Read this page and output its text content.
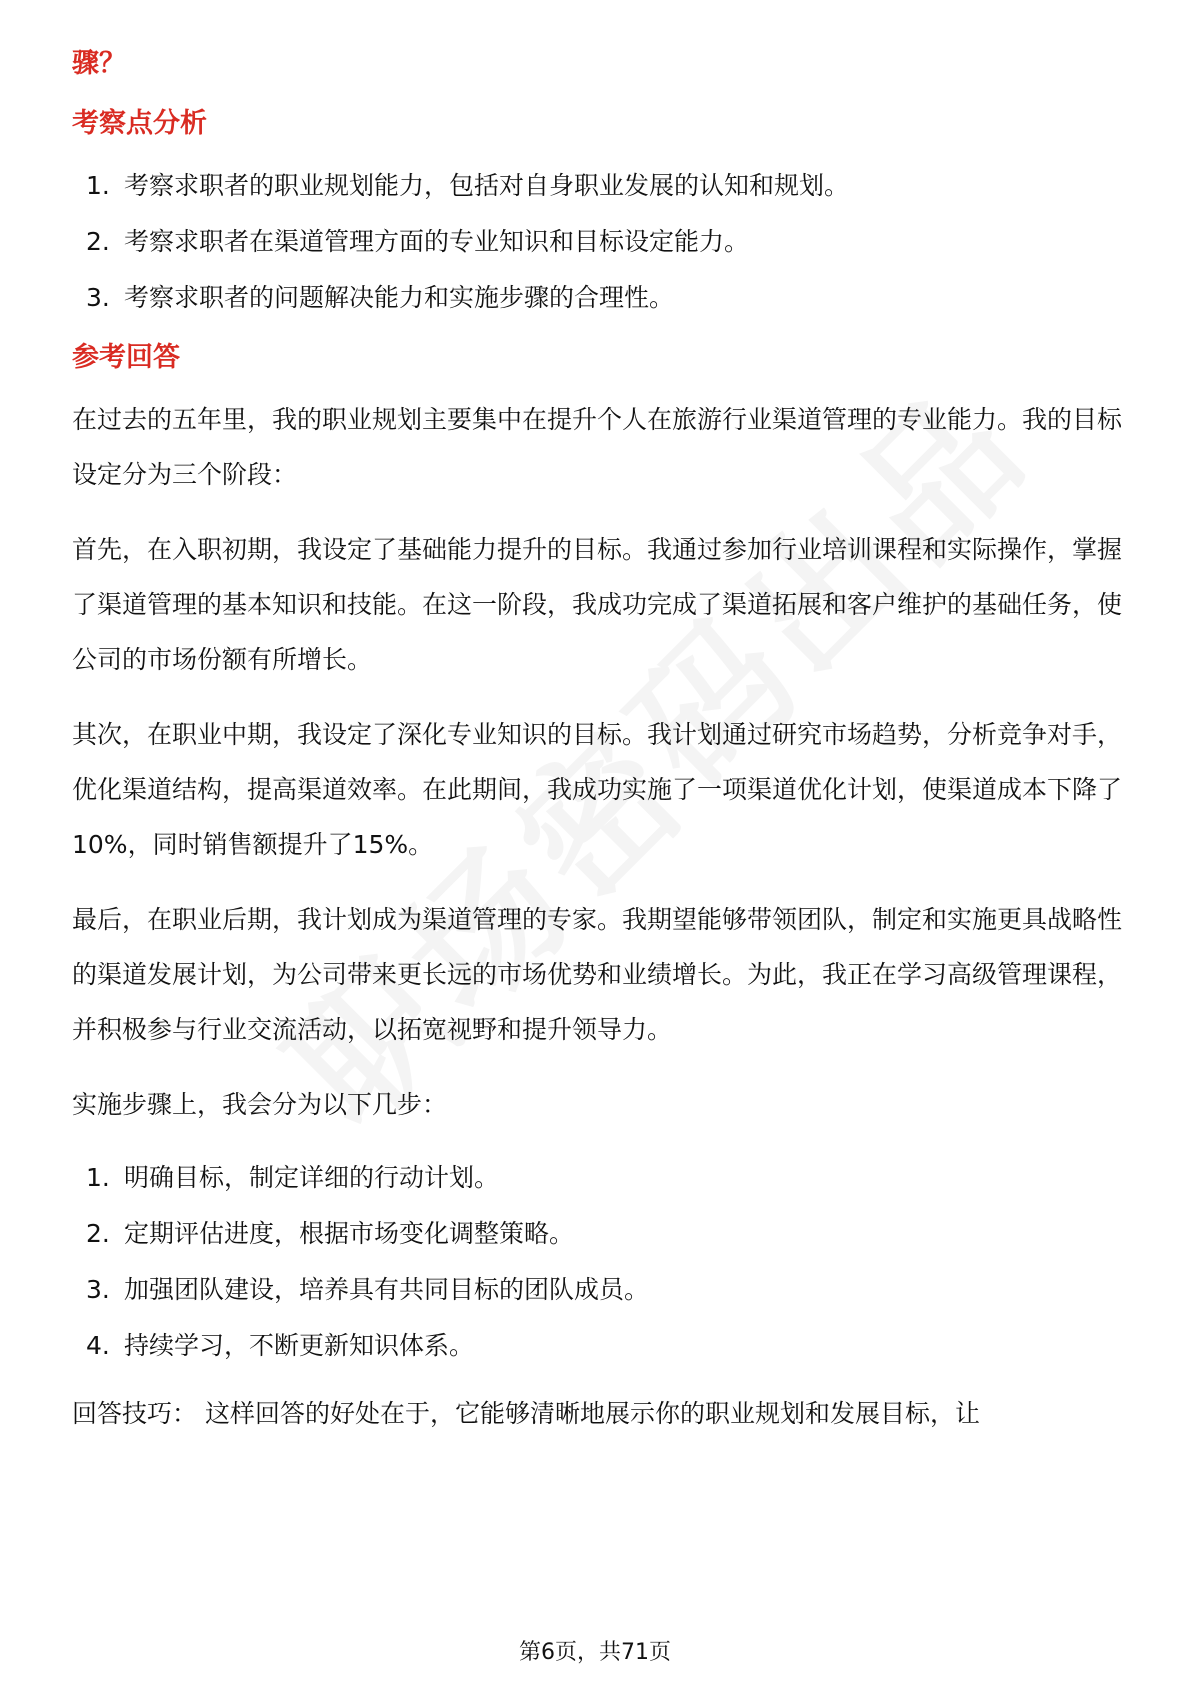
骤？
考察点分析
1. 考察求职者的职业规划能力，包括对自身职业发展的认知和规划。
2. 考察求职者在渠道管理方面的专业知识和目标设定能力。
3. 考察求职者的问题解决能力和实施步骤的合理性。
参考回答

在过去的五年里，我的职业规划主要集中在提升个人在旅游行业渠道管理的专业能力。我的目标设定分为三个阶段：

首先，在入职初期，我设定了基础能力提升的目标。我通过参加行业培训课程和实际操作，掌握了渠道管理的基本知识和技能。在这一阶段，我成功完成了渠道拓展和客户维护的基础任务，使公司的市场份额有所增长。

其次，在职业中期，我设定了深化专业知识的目标。我计划通过研究市场趋势，分析竞争对手，优化渠道结构，提高渠道效率。在此期间，我成功实施了一项渠道优化计划，使渠道成本下降了10%，同时销售额提升了15%。

最后，在职业后期，我计划成为渠道管理的专家。我期望能够带领团队，制定和实施更具战略性的渠道发展计划，为公司带来更长远的市场优势和业绩增长。为此，我正在学习高级管理课程，并积极参与行业交流活动，以拓宽视野和提升领导力。

实施步骤上，我会分为以下几步：

1. 明确目标，制定详细的行动计划。
2. 定期评估进度，根据市场变化调整策略。
3. 加强团队建设，培养具有共同目标的团队成员。
4. 持续学习，不断更新知识体系。

回答技巧： 这样回答的好处在于，它能够清晰地展示你的职业规划和发展目标，让

第6页，共71页
